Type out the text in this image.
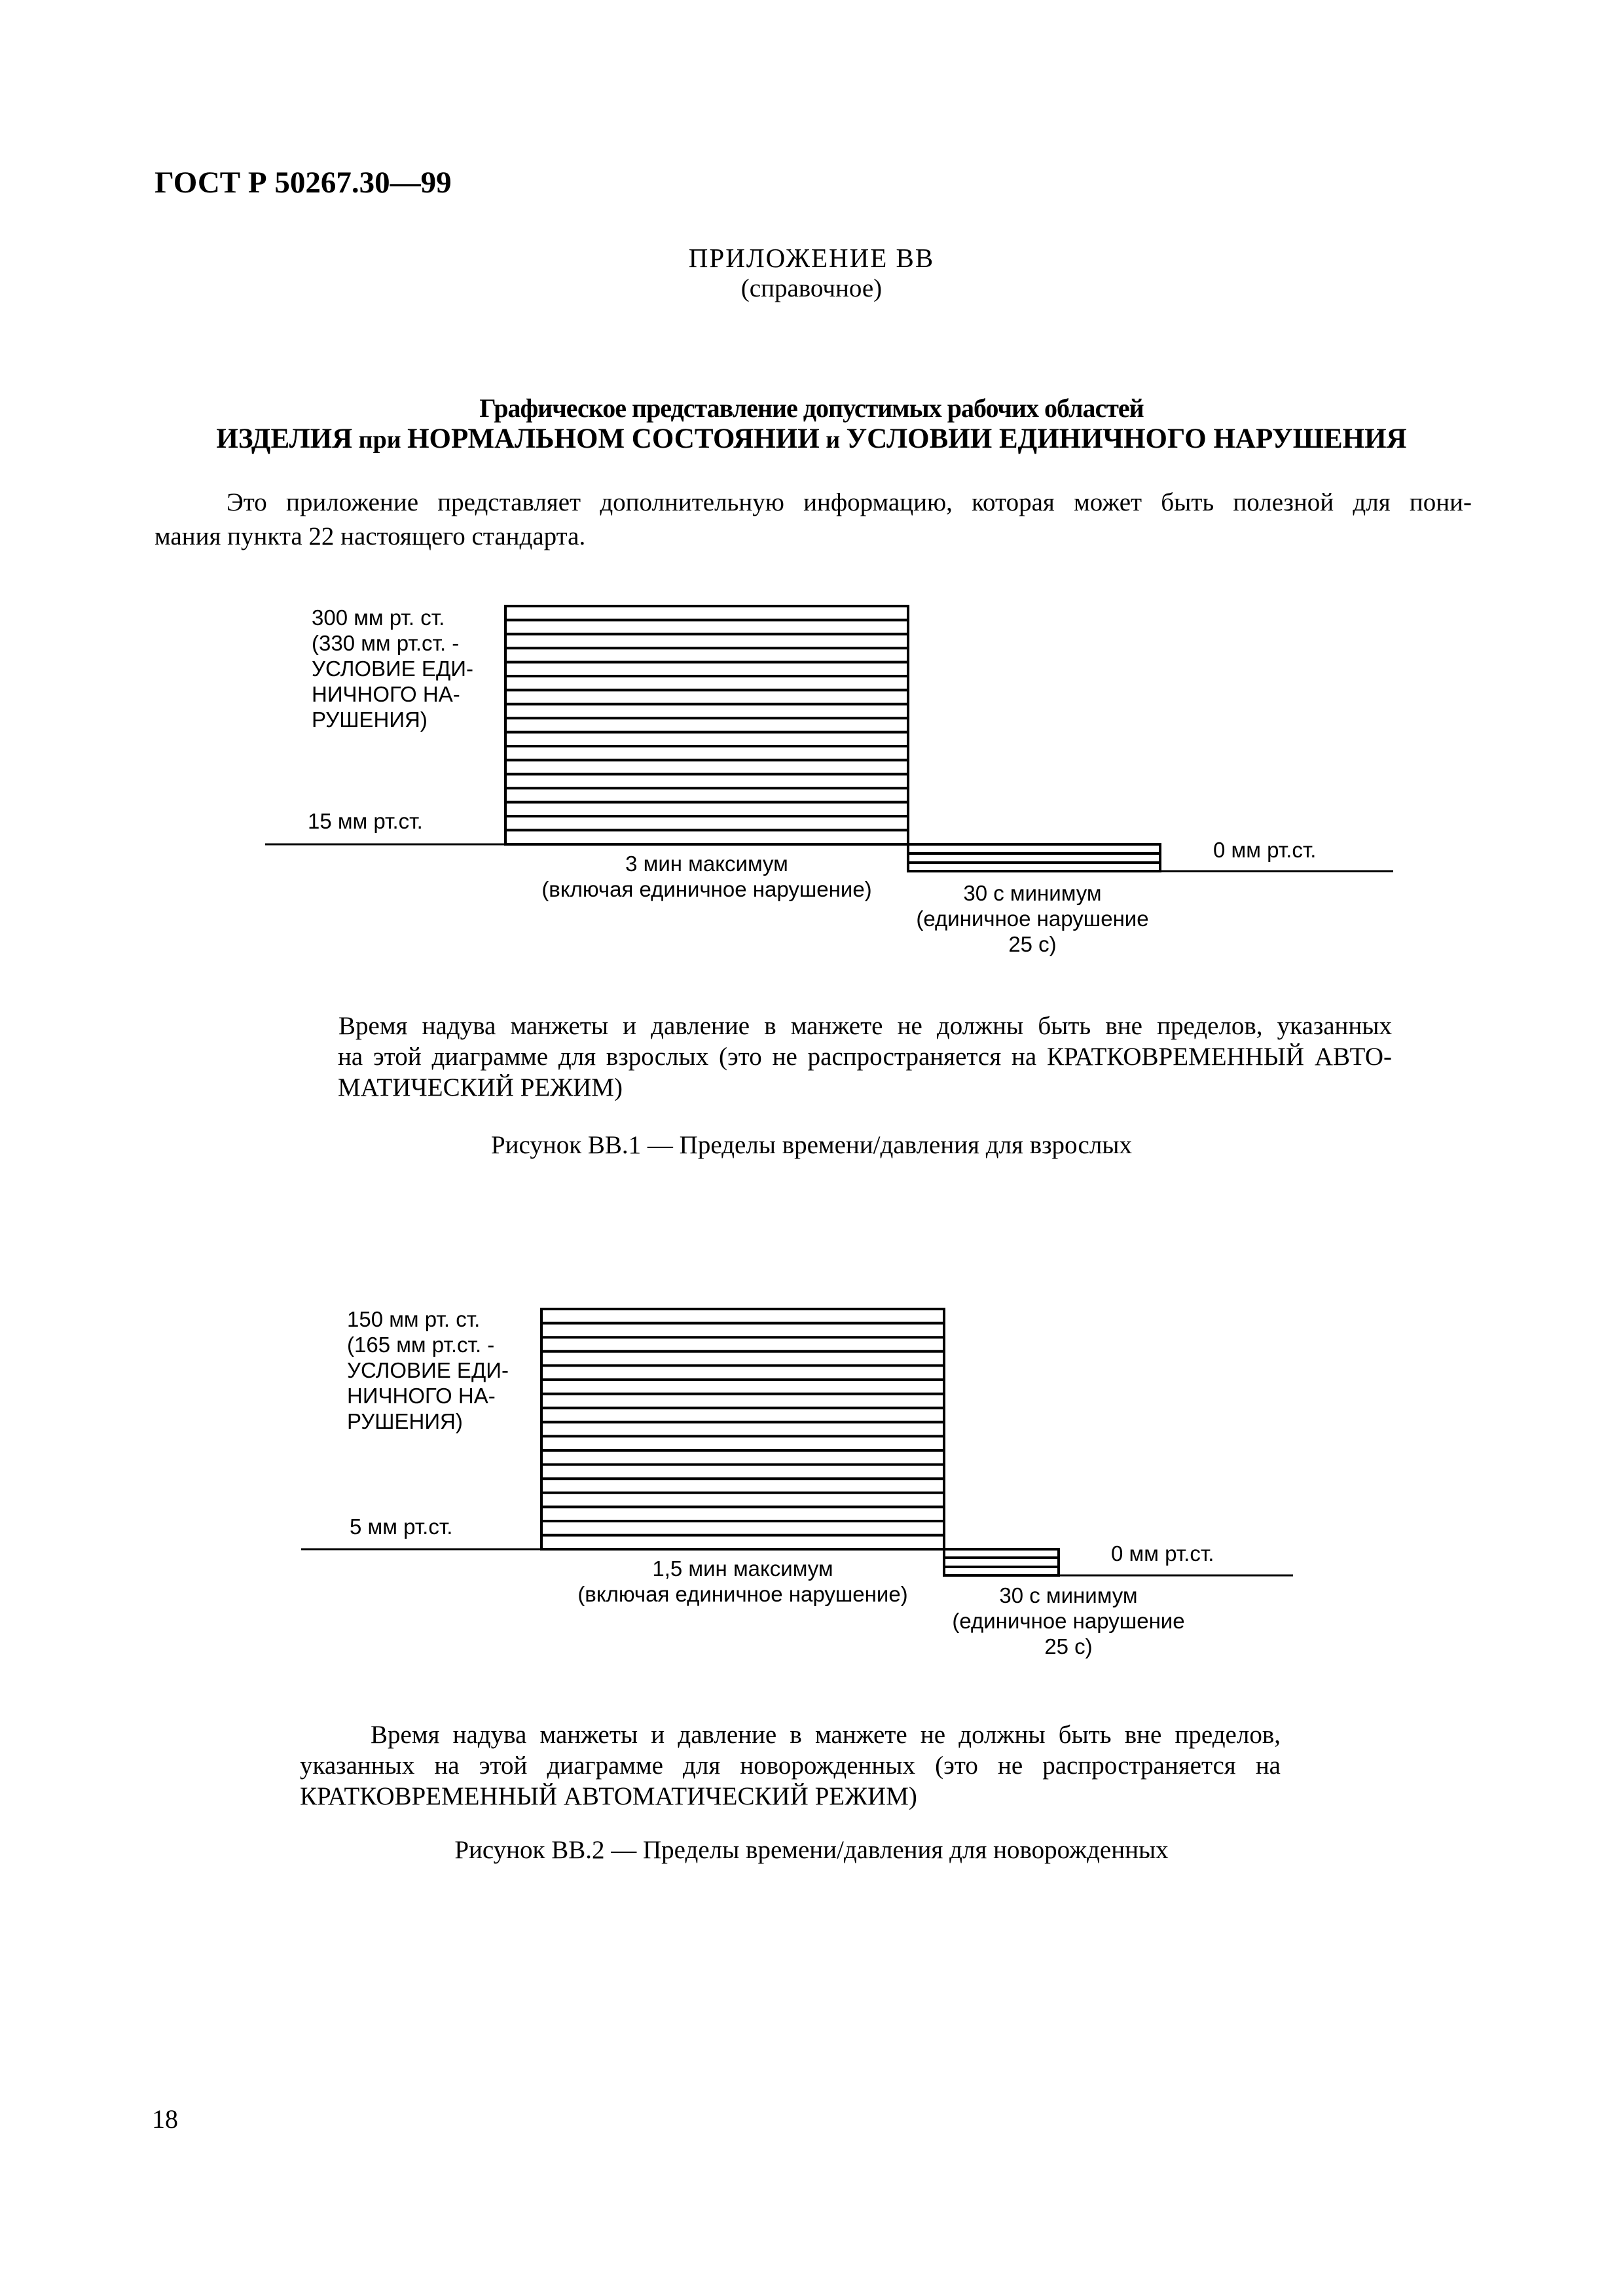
ГОСТ Р 50267.30—99
ПРИЛОЖЕНИЕ ВВ
(справочное)
Графическое представление допустимых рабочих областей
ИЗДЕЛИЯ при НОРМАЛЬНОМ СОСТОЯНИИ и УСЛОВИИ ЕДИНИЧНОГО НАРУШЕНИЯ

Это приложение представляет дополнительную информацию, которая может быть полезной для пони-

мания пункта 22 настоящего стандарта.

300 мм рт. ст.
(330 мм рт.ст. -
УСЛОВИЕ ЕДИ-
НИЧНОГО НА-
РУШЕНИЯ)
15 мм рт.ст.
0 мм рт.ст.
3 мин максимум
(включая единичное нарушение)	30 с минимум
(единичное нарушение
25 с)

Время надува манжеты и давление в манжете не должны быть вне пределов, указанных

на этой диаграмме для взрослых (это не распространяется на КРАТКОВРЕМЕННЫЙ АВТО-

МАТИЧЕСКИЙ РЕЖИМ)

Рисунок ВВ.1 — Пределы времени/давления для взрослых
150 мм рт. ст.
(165 мм рт.ст. -
УСЛОВИЕ ЕДИ-
НИЧНОГО НА-
РУШЕНИЯ)
5 мм рт.ст.
0 мм рт.ст.
1,5 мин максимум
(включая единичное нарушение)	30 с минимум
(единичное нарушение
25 с)

Время надува манжеты и давление в манжете не должны быть вне пределов,

указанных на этой диаграмме для новорожденных (это не распространяется на

КРАТКОВРЕМЕННЫЙ АВТОМАТИЧЕСКИЙ РЕЖИМ)

Рисунок ВВ.2 — Пределы времени/давления для новорожденных
18
